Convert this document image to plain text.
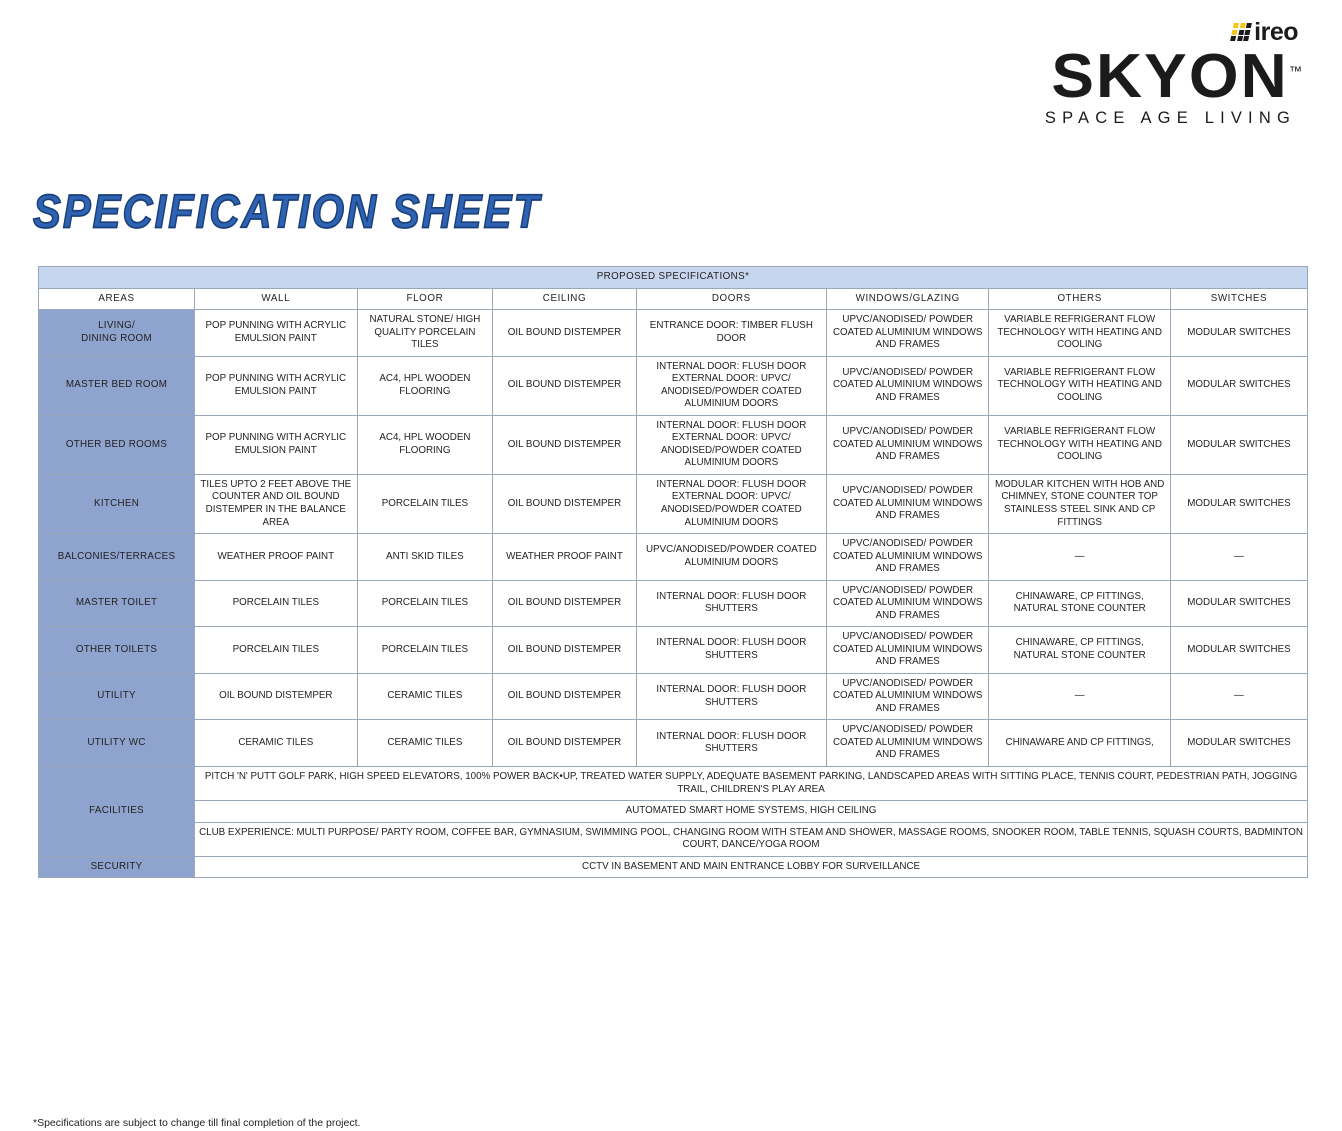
ireo
SKYON™
SPACE AGE LIVING
SPECIFICATION SHEET
PROPOSED SPECIFICATIONS*							
AREAS	WALL	FLOOR	CEILING	DOORS	WINDOWS/GLAZING	OTHERS	SWITCHES
LIVING/
DINING ROOM	POP PUNNING WITH ACRYLIC EMULSION PAINT	NATURAL STONE/ HIGH QUALITY PORCELAIN TILES	OIL BOUND DISTEMPER	ENTRANCE DOOR: TIMBER FLUSH DOOR	UPVC/ANODISED/ POWDER COATED ALUMINIUM WINDOWS AND FRAMES	VARIABLE REFRIGERANT FLOW TECHNOLOGY WITH HEATING AND COOLING	MODULAR SWITCHES
MASTER BED ROOM	POP PUNNING WITH ACRYLIC EMULSION PAINT	AC4, HPL WOODEN FLOORING	OIL BOUND DISTEMPER	INTERNAL DOOR: FLUSH DOOR EXTERNAL DOOR: UPVC/ ANODISED/POWDER COATED ALUMINIUM DOORS	UPVC/ANODISED/ POWDER COATED ALUMINIUM WINDOWS AND FRAMES	VARIABLE REFRIGERANT FLOW TECHNOLOGY WITH HEATING AND COOLING	MODULAR SWITCHES
OTHER BED ROOMS	POP PUNNING WITH ACRYLIC EMULSION PAINT	AC4, HPL WOODEN FLOORING	OIL BOUND DISTEMPER	INTERNAL DOOR: FLUSH DOOR EXTERNAL DOOR: UPVC/ ANODISED/POWDER COATED ALUMINIUM DOORS	UPVC/ANODISED/ POWDER COATED ALUMINIUM WINDOWS AND FRAMES	VARIABLE REFRIGERANT FLOW TECHNOLOGY WITH HEATING AND COOLING	MODULAR SWITCHES
KITCHEN	TILES UPTO 2 FEET ABOVE THE COUNTER AND OIL BOUND DISTEMPER IN THE BALANCE AREA	PORCELAIN TILES	OIL BOUND DISTEMPER	INTERNAL DOOR: FLUSH DOOR EXTERNAL DOOR: UPVC/ ANODISED/POWDER COATED ALUMINIUM DOORS	UPVC/ANODISED/ POWDER COATED ALUMINIUM WINDOWS AND FRAMES	MODULAR KITCHEN WITH HOB AND CHIMNEY, STONE COUNTER TOP STAINLESS STEEL SINK AND CP FITTINGS	MODULAR SWITCHES
BALCONIES/TERRACES	WEATHER PROOF PAINT	ANTI SKID TILES	WEATHER PROOF PAINT	UPVC/ANODISED/POWDER COATED ALUMINIUM DOORS	UPVC/ANODISED/ POWDER COATED ALUMINIUM WINDOWS AND FRAMES	—	—
MASTER TOILET	PORCELAIN TILES	PORCELAIN TILES	OIL BOUND DISTEMPER	INTERNAL DOOR: FLUSH DOOR SHUTTERS	UPVC/ANODISED/ POWDER COATED ALUMINIUM WINDOWS AND FRAMES	CHINAWARE, CP FITTINGS, NATURAL STONE COUNTER	MODULAR SWITCHES
OTHER TOILETS	PORCELAIN TILES	PORCELAIN TILES	OIL BOUND DISTEMPER	INTERNAL DOOR: FLUSH DOOR SHUTTERS	UPVC/ANODISED/ POWDER COATED ALUMINIUM WINDOWS AND FRAMES	CHINAWARE, CP FITTINGS, NATURAL STONE COUNTER	MODULAR SWITCHES
UTILITY	OIL BOUND DISTEMPER	CERAMIC TILES	OIL BOUND DISTEMPER	INTERNAL DOOR: FLUSH DOOR SHUTTERS	UPVC/ANODISED/ POWDER COATED ALUMINIUM WINDOWS AND FRAMES	—	—
UTILITY WC	CERAMIC TILES	CERAMIC TILES	OIL BOUND DISTEMPER	INTERNAL DOOR: FLUSH DOOR SHUTTERS	UPVC/ANODISED/ POWDER COATED ALUMINIUM WINDOWS AND FRAMES	CHINAWARE AND CP FITTINGS,	MODULAR SWITCHES
FACILITIES	PITCH 'N' PUTT GOLF PARK, HIGH SPEED ELEVATORS, 100% POWER BACK•UP, TREATED WATER SUPPLY, ADEQUATE BASEMENT PARKING, LANDSCAPED AREAS WITH SITTING PLACE, TENNIS COURT, PEDESTRIAN PATH, JOGGING TRAIL, CHILDREN'S PLAY AREA						
	AUTOMATED SMART HOME SYSTEMS, HIGH CEILING						
	CLUB EXPERIENCE: MULTI PURPOSE/ PARTY ROOM, COFFEE BAR, GYMNASIUM, SWIMMING POOL, CHANGING ROOM WITH STEAM AND SHOWER, MASSAGE ROOMS, SNOOKER ROOM, TABLE TENNIS, SQUASH COURTS, BADMINTON COURT, DANCE/YOGA ROOM						
SECURITY	CCTV IN BASEMENT AND MAIN ENTRANCE LOBBY FOR SURVEILLANCE						
*Specifications are subject to change till final completion of the project.
